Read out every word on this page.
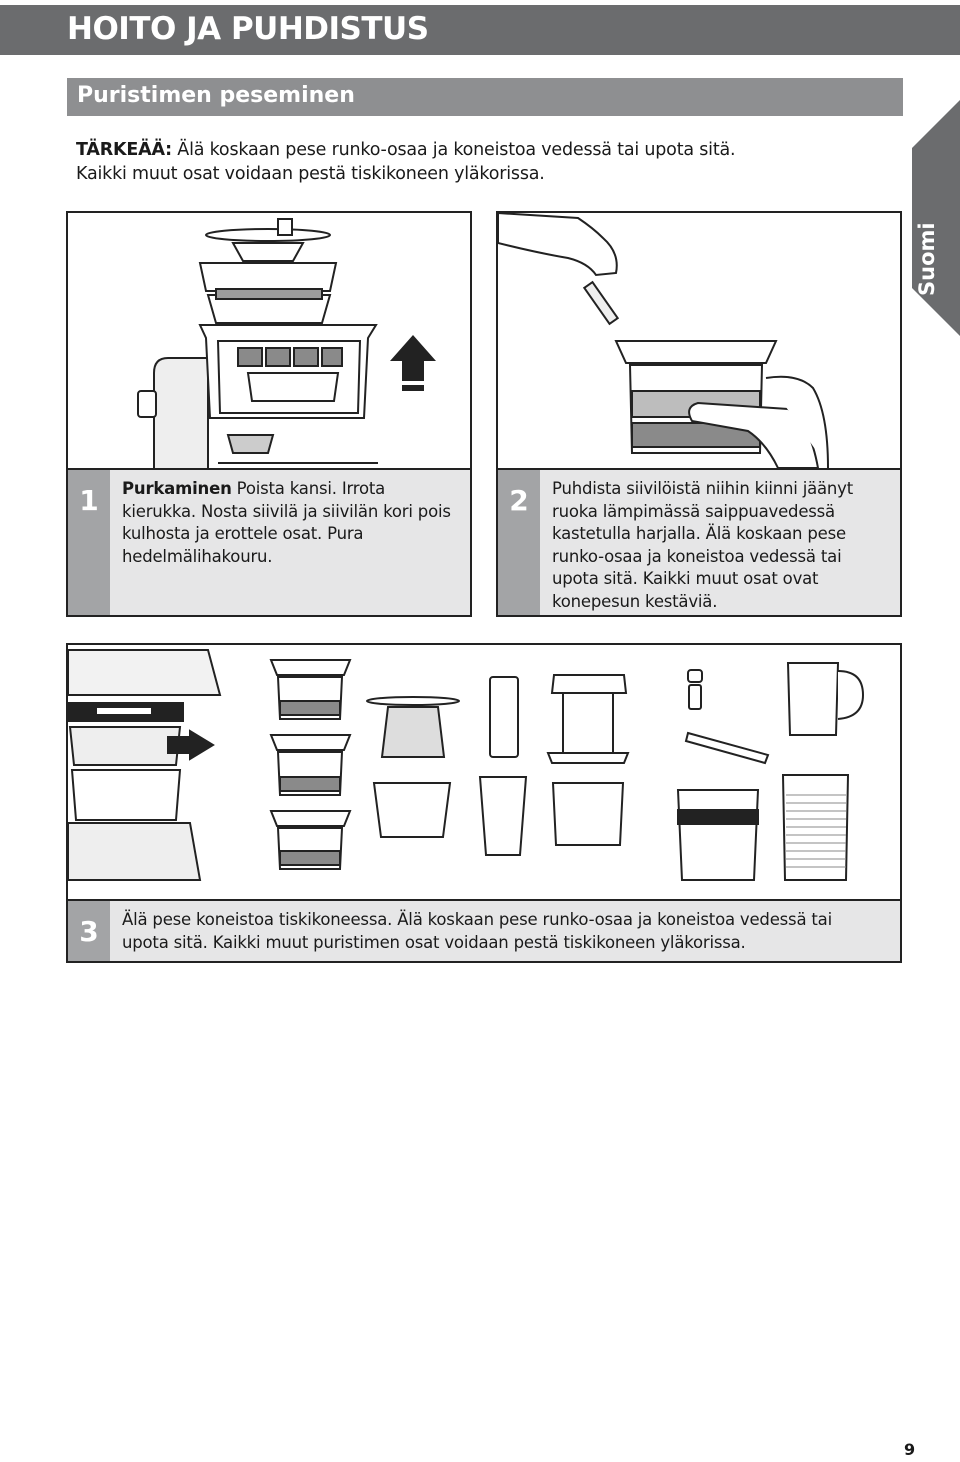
HOITO JA PUHDISTUS
Puristimen peseminen
TÄRKEÄÄ: Älä koskaan pese runko-osaa ja koneistoa vedessä tai upota sitä.
Kaikki muut osat voidaan pestä tiskikoneen yläkorissa.
Suomi
1	Purkaminen Poista kansi. Irrota kierukka. Nosta siivilä ja siivilän kori pois kulhosta ja erottele osat. Pura hedelmälihakouru.
2	Puhdista siivilöistä niihin kiinni jäänyt ruoka lämpimässä saippuavedessä kastetulla harjalla. Älä koskaan pese runko-osaa ja koneistoa vedessä tai upota sitä. Kaikki muut osat ovat konepesun kestäviä.
3	Älä pese koneistoa tiskikoneessa. Älä koskaan pese runko-osaa ja koneistoa vedessä tai upota sitä. Kaikki muut puristimen osat voidaan pestä tiskikoneen yläkorissa.
9
